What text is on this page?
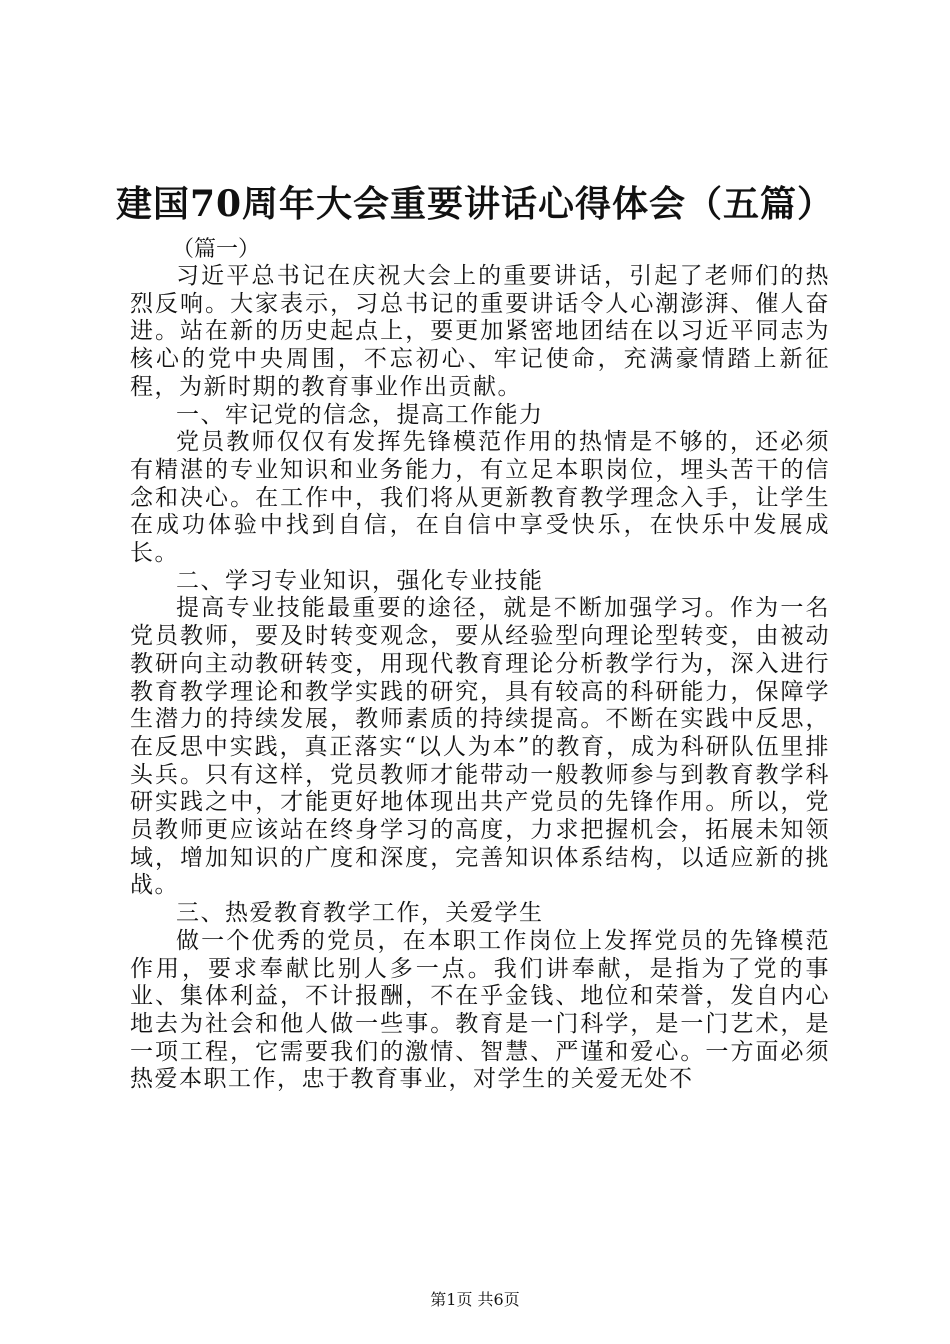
建国70周年大会重要讲话心得体会（五篇）

（篇一）

习近平总书记在庆祝大会上的重要讲话，引起了老师们的热烈反响。大家表示，习总书记的重要讲话令人心潮澎湃、催人奋进。站在新的历史起点上，要更加紧密地团结在以习近平同志为核心的党中央周围，不忘初心、牢记使命，充满豪情踏上新征程，为新时期的教育事业作出贡献。

一、牢记党的信念，提高工作能力

党员教师仅仅有发挥先锋模范作用的热情是不够的，还必须有精湛的专业知识和业务能力，有立足本职岗位，埋头苦干的信念和决心。在工作中，我们将从更新教育教学理念入手，让学生在成功体验中找到自信，在自信中享受快乐，在快乐中发展成长。

二、学习专业知识，强化专业技能

提高专业技能最重要的途径，就是不断加强学习。作为一名党员教师，要及时转变观念，要从经验型向理论型转变，由被动教研向主动教研转变，用现代教育理论分析教学行为，深入进行教育教学理论和教学实践的研究，具有较高的科研能力，保障学生潜力的持续发展，教师素质的持续提高。不断在实践中反思，在反思中实践，真正落实“以人为本”的教育，成为科研队伍里排头兵。只有这样，党员教师才能带动一般教师参与到教育教学科研实践之中，才能更好地体现出共产党员的先锋作用。所以，党员教师更应该站在终身学习的高度，力求把握机会，拓展未知领域，增加知识的广度和深度，完善知识体系结构，以适应新的挑战。

三、热爱教育教学工作，关爱学生

做一个优秀的党员，在本职工作岗位上发挥党员的先锋模范作用，要求奉献比别人多一点。我们讲奉献，是指为了党的事业、集体利益，不计报酬，不在乎金钱、地位和荣誉，发自内心地去为社会和他人做一些事。教育是一门科学，是一门艺术，是一项工程，它需要我们的激情、智慧、严谨和爱心。一方面必须热爱本职工作，忠于教育事业，对学生的关爱无处不

第1页 共6页
